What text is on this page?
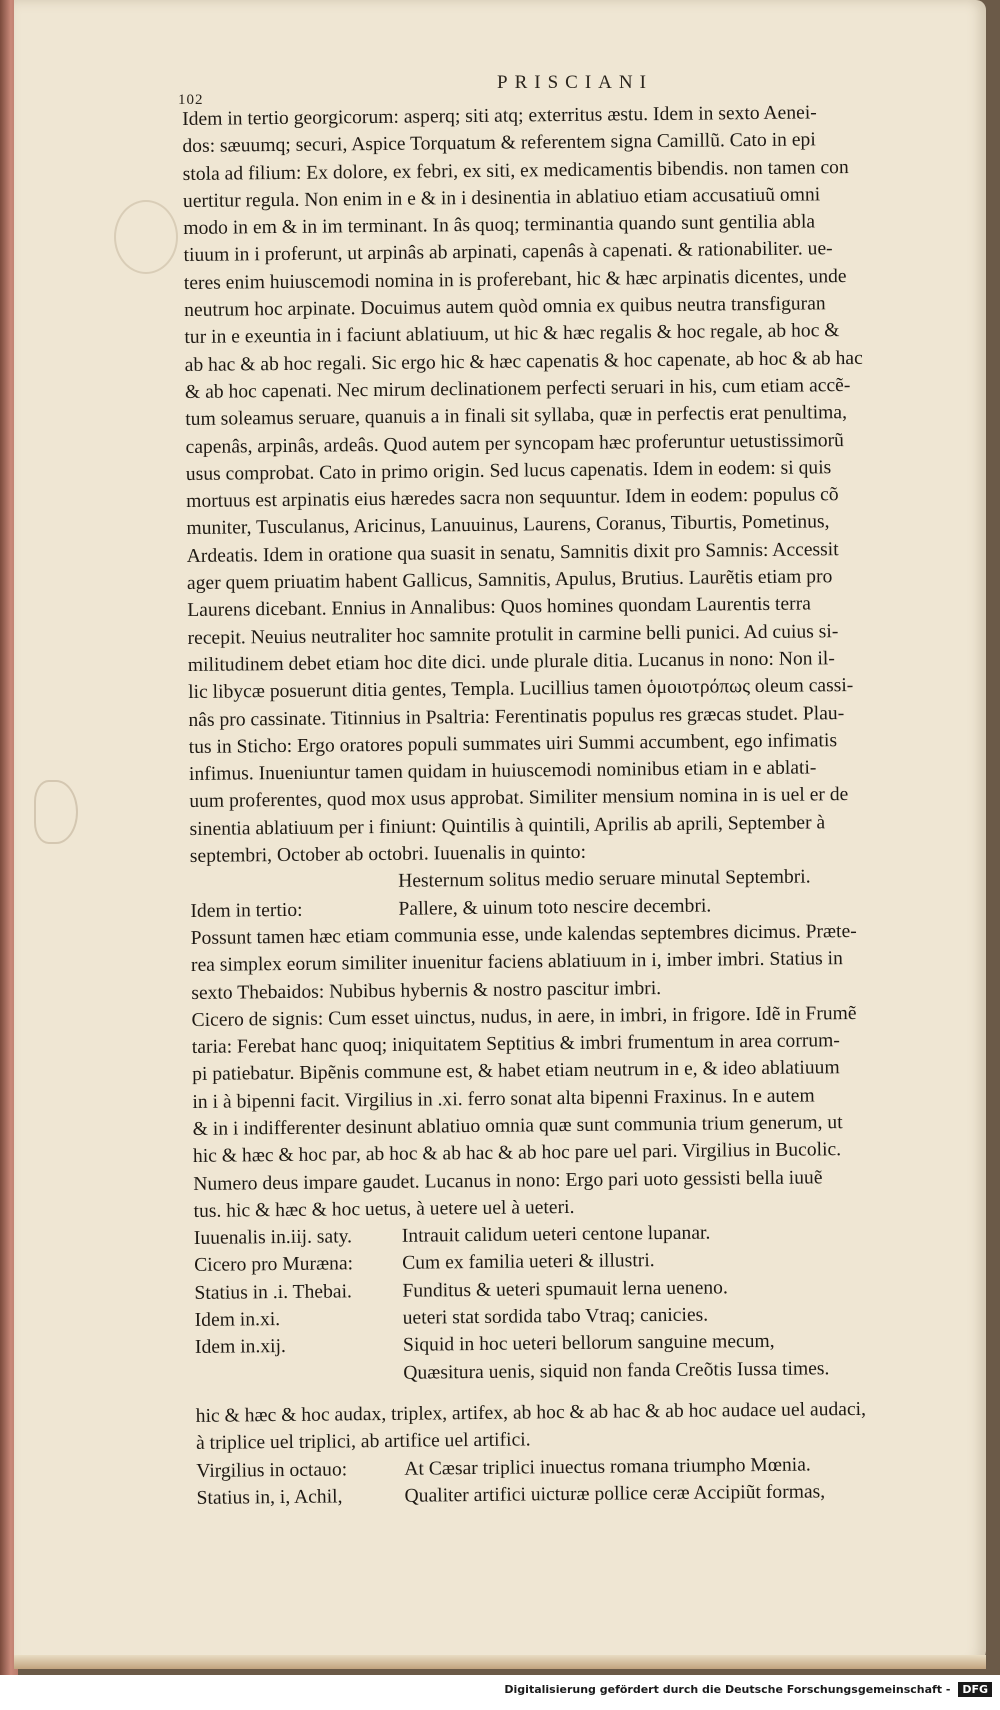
102
PRISCIANI
Idem in tertio georgicorum: asperq; siti atq; exterritus æstu. Idem in sexto Aenei-
dos: sæuumq; securi, Aspice Torquatum & referentem signa Camillũ. Cato in epi
stola ad filium: Ex dolore, ex febri, ex siti, ex medicamentis bibendis. non tamen con
uertitur regula. Non enim in e & in i desinentia in ablatiuo etiam accusatiuũ omni
modo in em & in im terminant. In âs quoq; terminantia quando sunt gentilia abla
tiuum in i proferunt, ut arpinâs ab arpinati, capenâs à capenati. & rationabiliter. ue-
teres enim huiuscemodi nomina in is proferebant, hic & hæc arpinatis dicentes, unde
neutrum hoc arpinate. Docuimus autem quòd omnia ex quibus neutra transfiguran
tur in e exeuntia in i faciunt ablatiuum, ut hic & hæc regalis & hoc regale, ab hoc &
ab hac & ab hoc regali. Sic ergo hic & hæc capenatis & hoc capenate, ab hoc & ab hac
& ab hoc capenati. Nec mirum declinationem perfecti seruari in his, cum etiam accẽ-
tum soleamus seruare, quanuis a in finali sit syllaba, quæ in perfectis erat penultima,
capenâs, arpinâs, ardeâs. Quod autem per syncopam hæc proferuntur uetustissimorũ
usus comprobat. Cato in primo origin. Sed lucus capenatis. Idem in eodem: si quis
mortuus est arpinatis eius hæredes sacra non sequuntur. Idem in eodem: populus cõ
muniter, Tusculanus, Aricinus, Lanuuinus, Laurens, Coranus, Tiburtis, Pometinus,
Ardeatis. Idem in oratione qua suasit in senatu, Samnitis dixit pro Samnis: Accessit
ager quem priuatim habent Gallicus, Samnitis, Apulus, Brutius. Laurẽtis etiam pro
Laurens dicebant. Ennius in Annalibus: Quos homines quondam Laurentis terra
recepit. Neuius neutraliter hoc samnite protulit in carmine belli punici. Ad cuius si-
militudinem debet etiam hoc dite dici. unde plurale ditia. Lucanus in nono: Non il-
lic libycæ posuerunt ditia gentes, Templa. Lucillius tamen ὁμοιοτρόπως oleum cassi-
nâs pro cassinate. Titinnius in Psaltria: Ferentinatis populus res græcas studet. Plau-
tus in Sticho: Ergo oratores populi summates uiri Summi accumbent, ego infimatis
infimus. Inueniuntur tamen quidam in huiuscemodi nominibus etiam in e ablati-
uum proferentes, quod mox usus approbat. Similiter mensium nomina in is uel er de
sinentia ablatiuum per i finiunt: Quintilis à quintili, Aprilis ab aprili, September à
septembri, October ab octobri. Iuuenalis in quinto:
Hesternum solitus medio seruare minutal Septembri.
Idem in tertio:	Pallere, & uinum toto nescire decembri.
Possunt tamen hæc etiam communia esse, unde kalendas septembres dicimus. Præte-
rea simplex eorum similiter inuenitur faciens ablatiuum in i, imber imbri. Statius in
sexto Thebaidos: Nubibus hybernis & nostro pascitur imbri.
Cicero de signis: Cum esset uinctus, nudus, in aere, in imbri, in frigore. Idẽ in Frumẽ
taria: Ferebat hanc quoq; iniquitatem Septitius & imbri frumentum in area corrum-
pi patiebatur. Bipẽnis commune est, & habet etiam neutrum in e, & ideo ablatiuum
in i à bipenni facit. Virgilius in .xi. ferro sonat alta bipenni Fraxinus. In e autem
& in i indifferenter desinunt ablatiuo omnia quæ sunt communia trium generum, ut
hic & hæc & hoc par, ab hoc & ab hac & ab hoc pare uel pari. Virgilius in Bucolic.
Numero deus impare gaudet. Lucanus in nono: Ergo pari uoto gessisti bella iuuẽ
tus. hic & hæc & hoc uetus, à uetere uel à ueteri.
Iuuenalis in.iij. saty.	Intrauit calidum ueteri centone lupanar.
Cicero pro Muræna:	Cum ex familia ueteri & illustri.
Statius in .i. Thebai.	Funditus & ueteri spumauit lerna ueneno.
Idem in.xi.	ueteri stat sordida tabo Vtraq; canicies.
Idem in.xij.	Siquid in hoc ueteri bellorum sanguine mecum,
Quæsitura uenis, siquid non fanda Creõtis Iussa times.
hic & hæc & hoc audax, triplex, artifex, ab hoc & ab hac & ab hoc audace uel audaci,
à triplice uel triplici, ab artifice uel artifici.
Virgilius in octauo:	At Cæsar triplici inuectus romana triumpho Mœnia.
Statius in, i, Achil,	Qualiter artifici uicturæ pollice ceræ Accipiũt formas,
Digitalisierung gefördert durch die Deutsche Forschungsgemeinschaft - DFG
